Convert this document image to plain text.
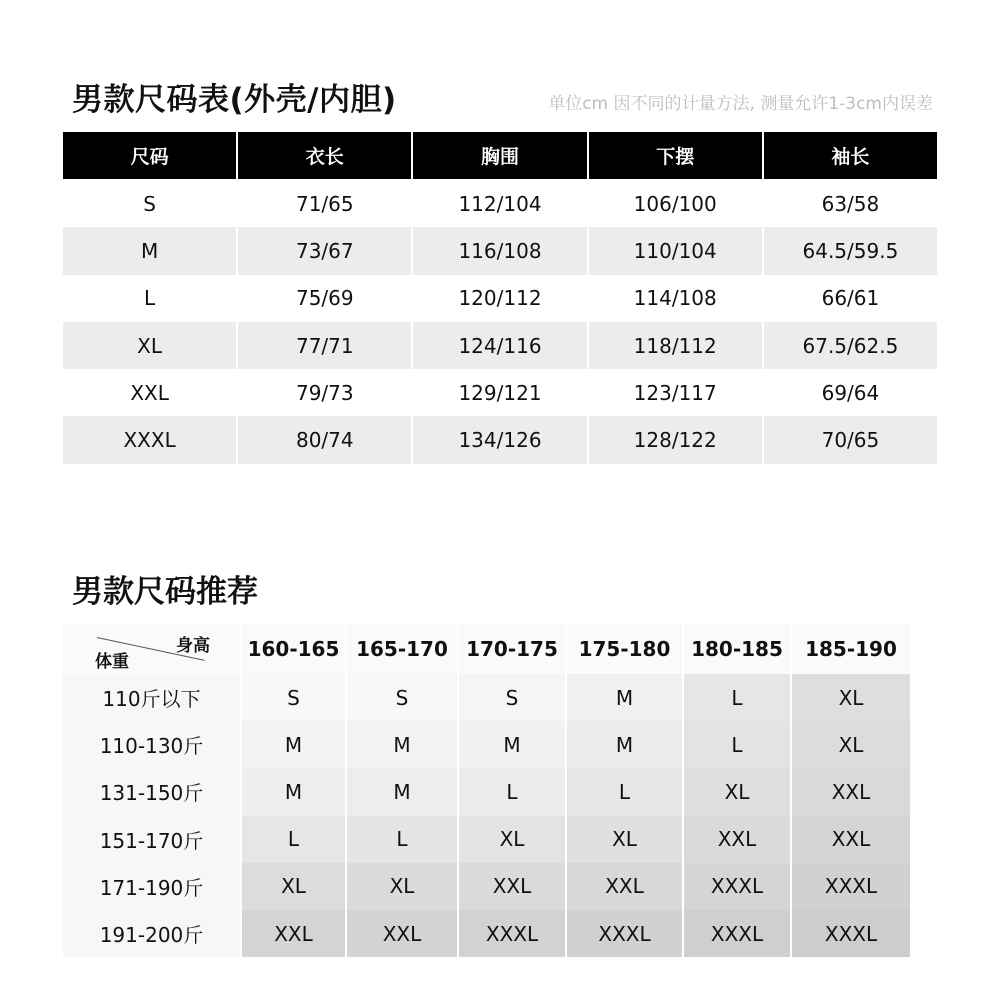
男款尺码表(外壳/内胆)	单位cm 因不同的计量方法, 测量允许1-3cm内误差
尺码	衣长	胸围	下摆	袖长
S	71/65	112/104	106/100	63/58
M	73/67	116/108	110/104	64.5/59.5
L	75/69	120/112	114/108	66/61
XL	77/71	124/116	118/112	67.5/62.5
XXL	79/73	129/121	123/117	69/64
XXXL	80/74	134/126	128/122	70/65
男款尺码推荐
身高
体重
160-165 165-170 170-175	175-180	180-185	185-190
110斤以下	S	S	S	M	L	XL
110-130斤	M	M	M	M	L	XL
131-150斤	M	M	L	L	XL	XXL
151-170斤	L	L	XL	XL	XXL	XXL
171-190斤	XL	XL	XXL	XXL	XXXL	XXXL
191-200斤	XXL	XXL	XXXL	XXXL	XXXL	XXXL
